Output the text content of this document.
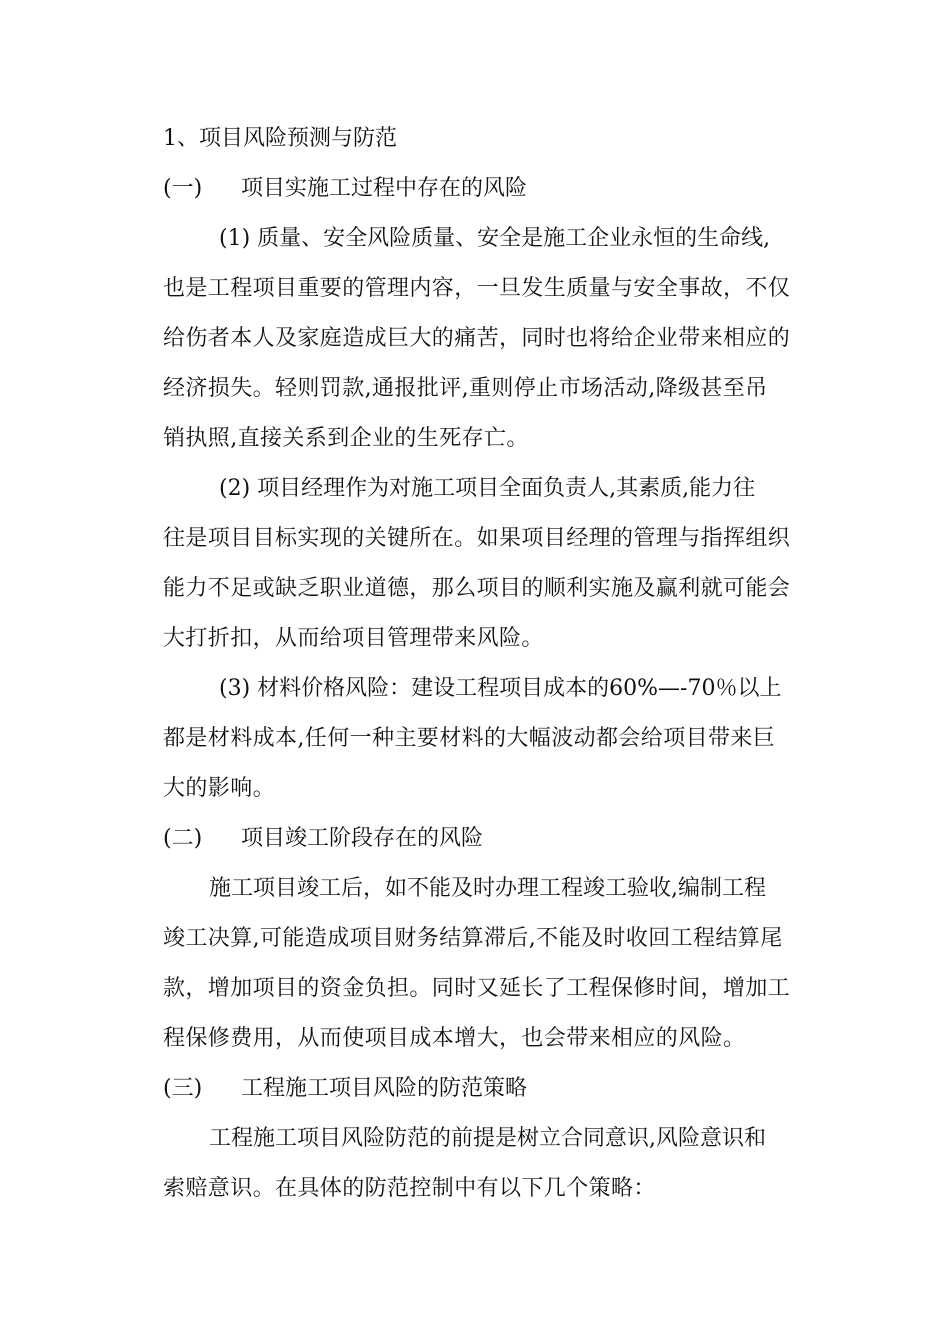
1、项目风险预测与防范
(一) 项目实施工过程中存在的风险
(1) 质量、安全风险质量、安全是施工企业永恒的生命线,
也是工程项目重要的管理内容，一旦发生质量与安全事故，不仅
给伤者本人及家庭造成巨大的痛苦，同时也将给企业带来相应的
经济损失。轻则罚款,通报批评,重则停止市场活动,降级甚至吊
销执照,直接关系到企业的生死存亡。
(2) 项目经理作为对施工项目全面负责人,其素质,能力往
往是项目目标实现的关键所在。如果项目经理的管理与指挥组织
能力不足或缺乏职业道德，那么项目的顺利实施及赢利就可能会
大打折扣，从而给项目管理带来风险。
(3) 材料价格风险：建设工程项目成本的60%—-70％以上
都是材料成本,任何一种主要材料的大幅波动都会给项目带来巨
大的影响。
(二) 项目竣工阶段存在的风险
施工项目竣工后，如不能及时办理工程竣工验收,编制工程
竣工决算,可能造成项目财务结算滞后,不能及时收回工程结算尾
款，增加项目的资金负担。同时又延长了工程保修时间，增加工
程保修费用，从而使项目成本增大，也会带来相应的风险。
(三) 工程施工项目风险的防范策略
工程施工项目风险防范的前提是树立合同意识,风险意识和
索赔意识。在具体的防范控制中有以下几个策略：
